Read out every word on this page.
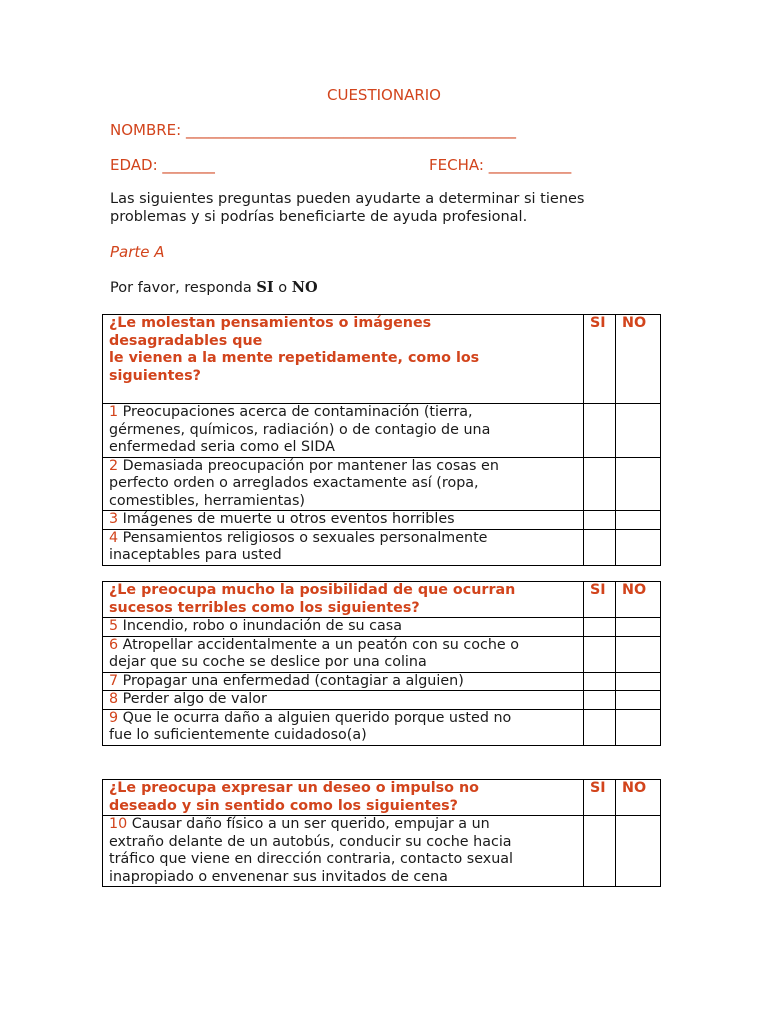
CUESTIONARIO
NOMBRE: ____________________________________________
EDAD: _______	FECHA: ___________
Las siguientes preguntas pueden ayudarte a determinar si tienes
problemas y si podrías beneficiarte de ayuda profesional.
Parte A
Por favor, responda SI o NO
¿Le molestan pensamientos o imágenes
desagradables que
le vienen a la mente repetidamente, como los
siguientes?	SI	NO

1 Preocupaciones acerca de contaminación (tierra,
gérmenes, químicos, radiación) o de contagio de una
enfermedad seria como el SIDA		

2 Demasiada preocupación por mantener las cosas en
perfecto orden o arreglados exactamente así (ropa,
comestibles, herramientas)		

3 Imágenes de muerte u otros eventos horribles		

4 Pensamientos religiosos o sexuales personalmente
inaceptables para usted		

¿Le preocupa mucho la posibilidad de que ocurran
sucesos terribles como los siguientes?	SI	NO

5 Incendio, robo o inundación de su casa		

6 Atropellar accidentalmente a un peatón con su coche o
dejar que su coche se deslice por una colina		

7 Propagar una enfermedad (contagiar a alguien)		

8 Perder algo de valor		

9 Que le ocurra daño a alguien querido porque usted no
fue lo suficientemente cuidadoso(a)		

¿Le preocupa expresar un deseo o impulso no
deseado y sin sentido como los siguientes?	SI	NO

10 Causar daño físico a un ser querido, empujar a un
extraño delante de un autobús, conducir su coche hacia
tráfico que viene en dirección contraria, contacto sexual
inapropiado o envenenar sus invitados de cena		
